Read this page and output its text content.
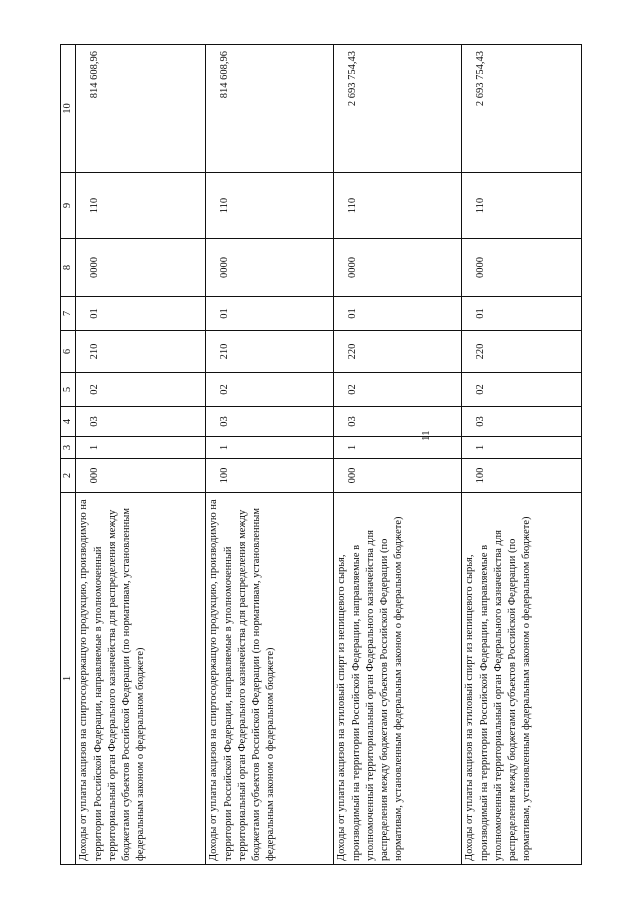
11
1	2	3	4	5	6	7	8	9	10
Доходы от уплаты акцизов на спиртосодержащую продукцию, производимую на территории Российской Федерации, направляемые в уполномоченный территориальный орган Федерального казначейства для распределения между бюджетами субъектов Российской Федерации (по нормативам, установленным федеральным законом о федеральном бюджете)	000	1	03	02	210	01	0000	110	814 608,96
Доходы от уплаты акцизов на спиртосодержащую продукцию, производимую на территории Российской Федерации, направляемые в уполномоченный территориальный орган Федерального казначейства для распределения между бюджетами субъектов Российской Федерации (по нормативам, установленным федеральным законом о федеральном бюджете)	100	1	03	02	210	01	0000	110	814 608,96
Доходы от уплаты акцизов на этиловый спирт из непищевого сырья, производимый на территории Российской Федерации, направляемые в уполномоченный территориальный орган Федерального казначейства для распределения между бюджетами субъектов Российской Федерации (по нормативам, установленным федеральным законом о федеральном бюджете)	000	1	03	02	220	01	0000	110	2 693 754,43
Доходы от уплаты акцизов на этиловый спирт из непищевого сырья, производимый на территории Российской Федерации, направляемые в уполномоченный территориальный орган Федерального казначейства для распределения между бюджетами субъектов Российской Федерации (по нормативам, установленным федеральным законом о федеральном бюджете)	100	1	03	02	220	01	0000	110	2 693 754,43
